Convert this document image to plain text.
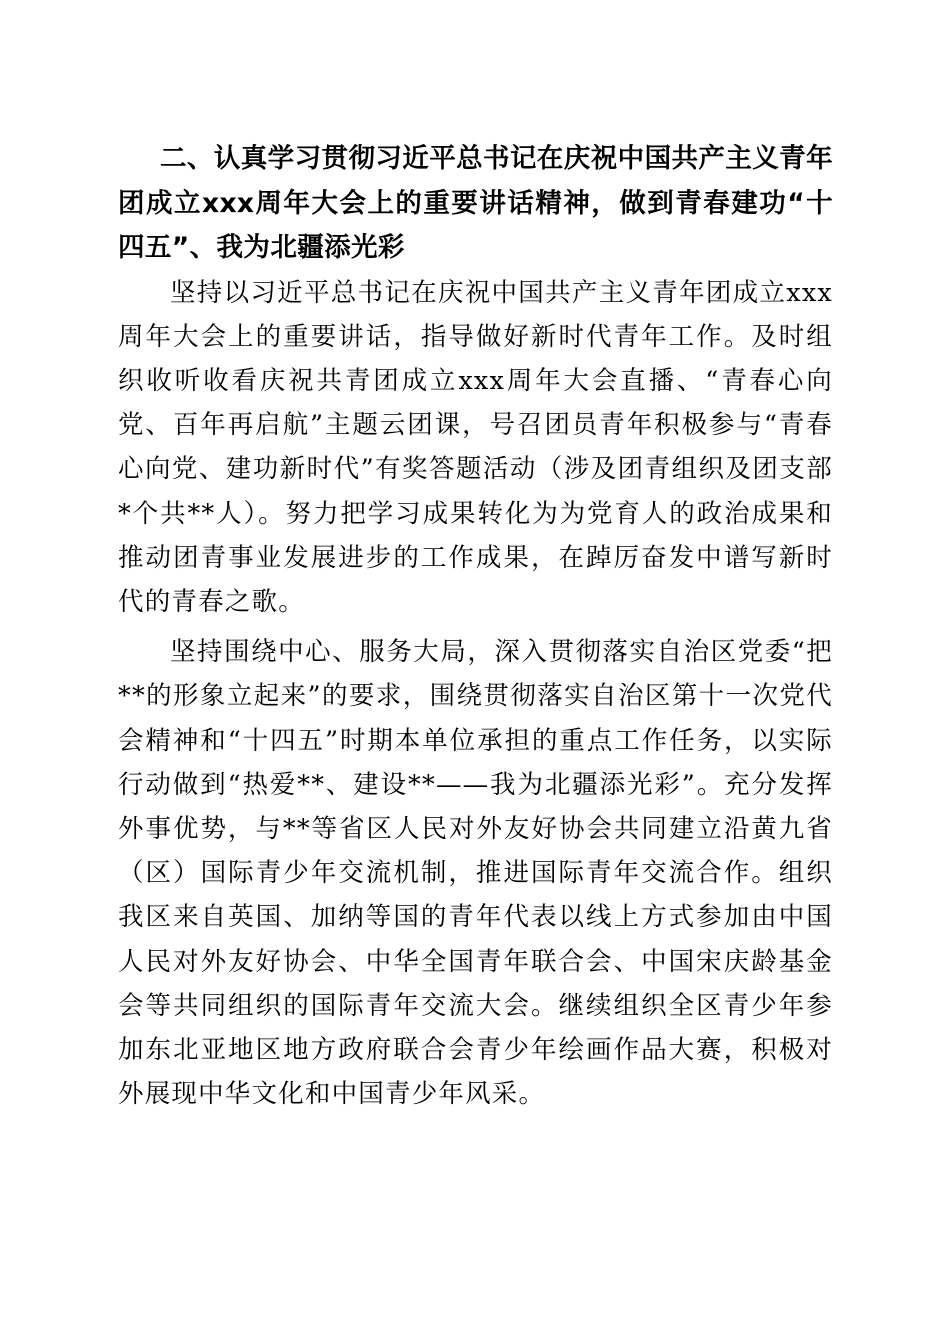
二、认真学习贯彻习近平总书记在庆祝中国共产主义青年团成立xxx周年大会上的重要讲话精神，做到青春建功“十四五”、我为北疆添光彩

坚持以习近平总书记在庆祝中国共产主义青年团成立xxx周年大会上的重要讲话，指导做好新时代青年工作。及时组织收听收看庆祝共青团成立xxx周年大会直播、“青春心向党、百年再启航”主题云团课，号召团员青年积极参与“青春心向党、建功新时代”有奖答题活动（涉及团青组织及团支部*个共**人）。努力把学习成果转化为为党育人的政治成果和推动团青事业发展进步的工作成果，在踔厉奋发中谱写新时代的青春之歌。

坚持围绕中心、服务大局，深入贯彻落实自治区党委“把**的形象立起来”的要求，围绕贯彻落实自治区第十一次党代会精神和“十四五”时期本单位承担的重点工作任务，以实际行动做到“热爱**、建设**——我为北疆添光彩”。充分发挥外事优势，与**等省区人民对外友好协会共同建立沿黄九省（区）国际青少年交流机制，推进国际青年交流合作。组织我区来自英国、加纳等国的青年代表以线上方式参加由中国人民对外友好协会、中华全国青年联合会、中国宋庆龄基金会等共同组织的国际青年交流大会。继续组织全区青少年参加东北亚地区地方政府联合会青少年绘画作品大赛，积极对外展现中华文化和中国青少年风采。
